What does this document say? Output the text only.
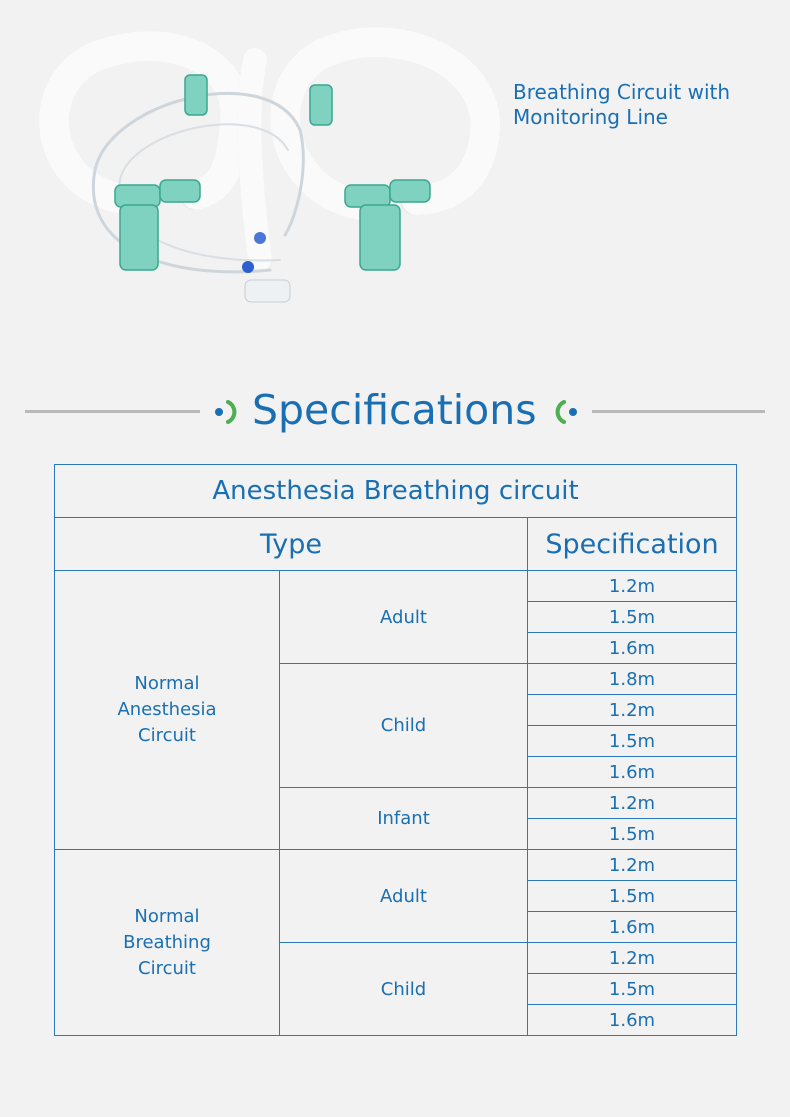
Breathing Circuit with
Monitoring Line
Specifications
Anesthesia Breathing circuit		
Type		Specification

Normal
Anesthesia
Circuit	Adult	1.2m
		1.5m
		1.6m
	Child	1.8m
		1.2m
		1.5m
		1.6m
	Infant	1.2m
		1.5m

Normal
Breathing
Circuit	Adult	1.2m
		1.5m
		1.6m
	Child	1.2m
		1.5m
		1.6m
